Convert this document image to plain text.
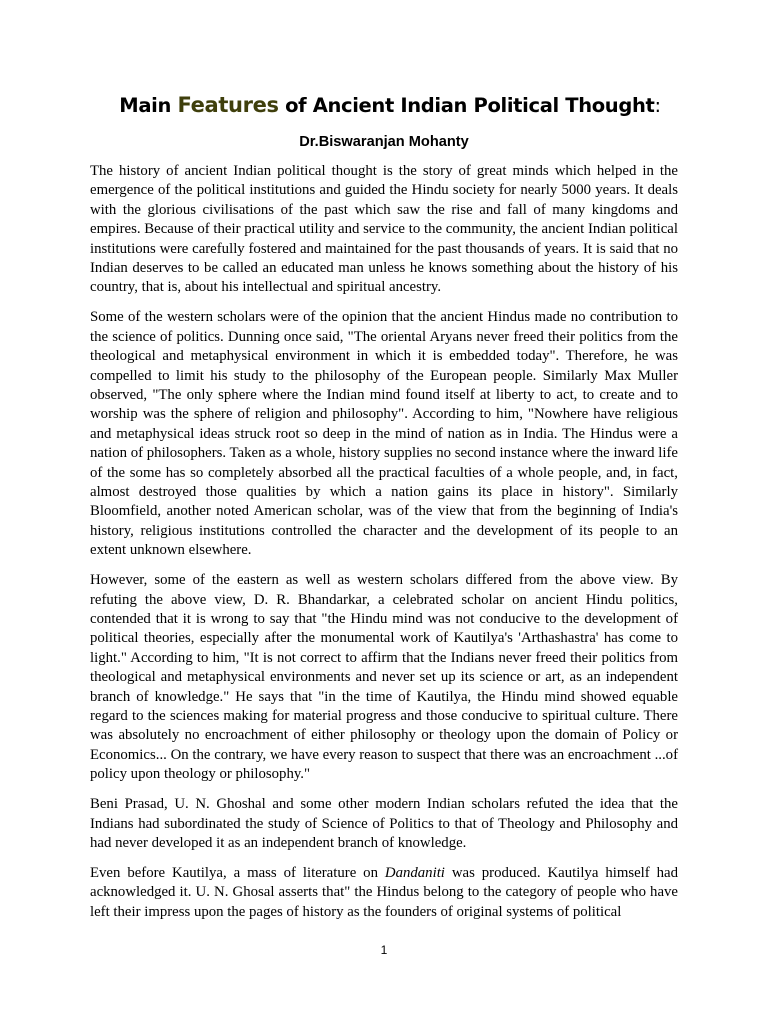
Main Features of Ancient Indian Political Thought:
Dr.Biswaranjan Mohanty

The history of ancient Indian political thought is the story of great minds which helped in the emergence of the political institutions and guided the Hindu society for nearly 5000 years. It deals with the glorious civilisations of the past which saw the rise and fall of many kingdoms and empires. Because of their practical utility and service to the community, the ancient Indian political institutions were carefully fostered and maintained for the past thousands of years. It is said that no Indian deserves to be called an educated man unless he knows something about the history of his country, that is, about his intellectual and spiritual ancestry.

Some of the western scholars were of the opinion that the ancient Hindus made no contribution to the science of politics. Dunning once said, "The oriental Aryans never freed their politics from the theological and metaphysical environment in which it is embedded today". Therefore, he was compelled to limit his study to the philosophy of the European people. Similarly Max Muller observed, "The only sphere where the Indian mind found itself at liberty to act, to create and to worship was the sphere of religion and philosophy". According to him, "Nowhere have religious and metaphysical ideas struck root so deep in the mind of nation as in India. The Hindus were a nation of philosophers. Taken as a whole, history supplies no second instance where the inward life of the some has so completely absorbed all the practical faculties of a whole people, and, in fact, almost destroyed those qualities by which a nation gains its place in history". Similarly Bloomfield, another noted American scholar, was of the view that from the beginning of India's history, religious institutions controlled the character and the development of its people to an extent unknown elsewhere.

However, some of the eastern as well as western scholars differed from the above view. By refuting the above view, D. R. Bhandarkar, a celebrated scholar on ancient Hindu politics, contended that it is wrong to say that "the Hindu mind was not conducive to the development of political theories, especially after the monumental work of Kautilya's 'Arthashastra' has come to light." According to him, "It is not correct to affirm that the Indians never freed their politics from theological and metaphysical environments and never set up its science or art, as an independent branch of knowledge." He says that "in the time of Kautilya, the Hindu mind showed equable regard to the sciences making for material progress and those conducive to spiritual culture. There was absolutely no encroachment of either philosophy or theology upon the domain of Policy or Economics... On the contrary, we have every reason to suspect that there was an encroachment ...of policy upon theology or philosophy."

Beni Prasad, U. N. Ghoshal and some other modern Indian scholars refuted the idea that the Indians had subordinated the study of Science of Politics to that of Theology and Philosophy and had never developed it as an independent branch of knowledge.

Even before Kautilya, a mass of literature on Dandaniti was produced. Kautilya himself had acknowledged it. U. N. Ghosal asserts that" the Hindus belong to the category of people who have left their impress upon the pages of history as the founders of original systems of political

1
